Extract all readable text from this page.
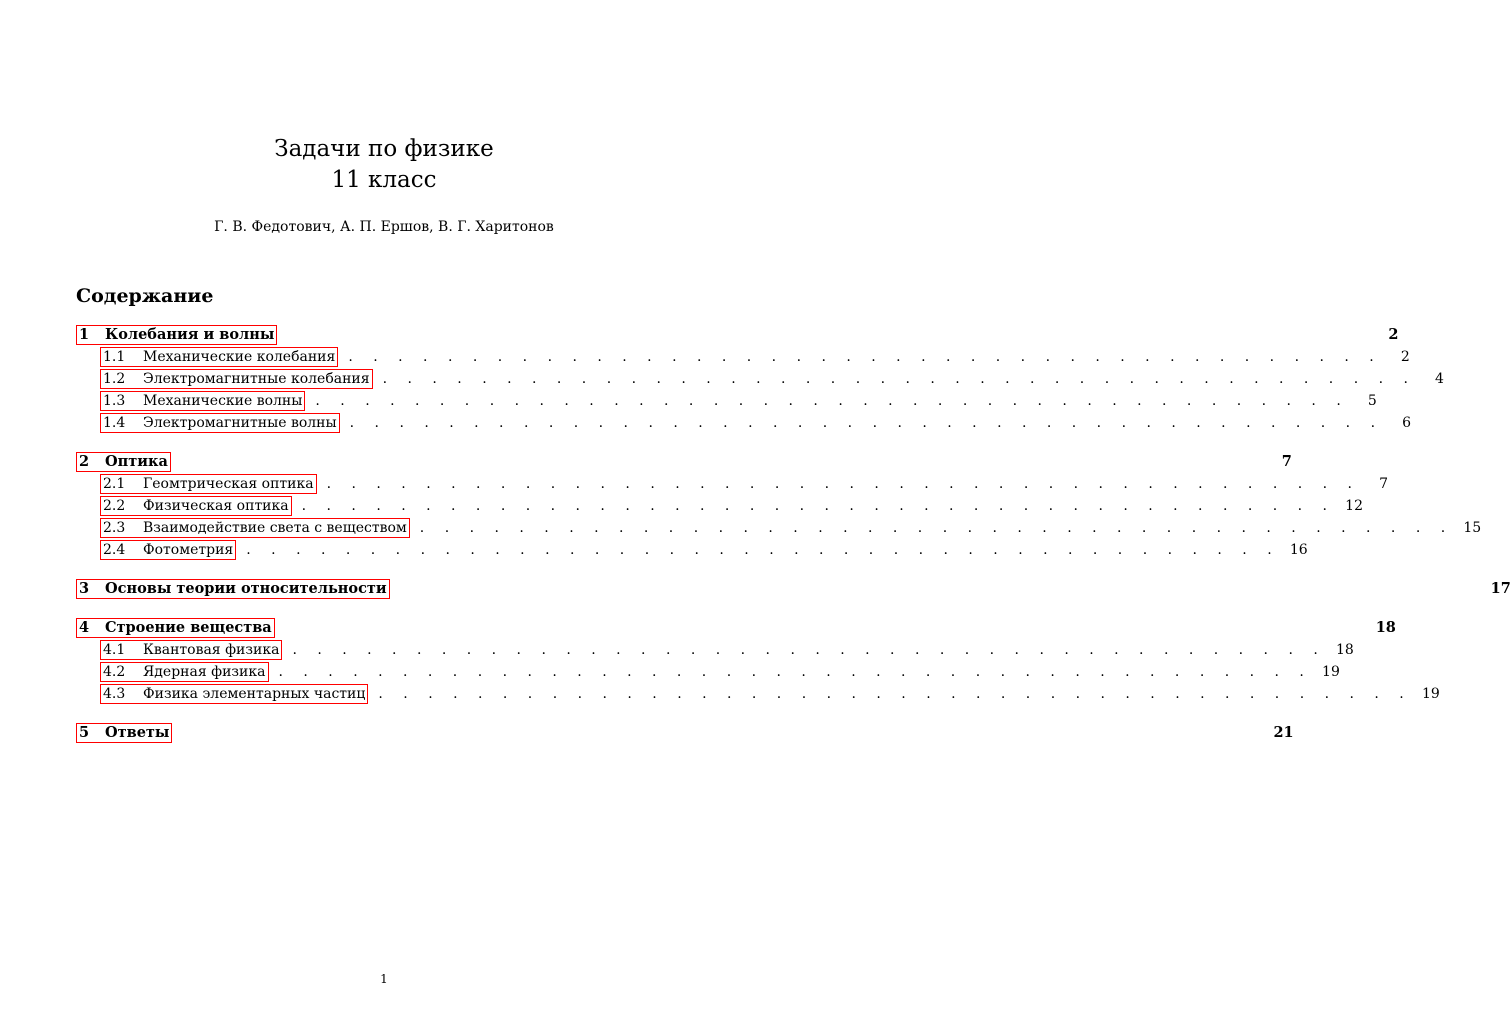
Задачи по физике
11 класс
Г. В. Федотович, А. П. Ершов, В. Г. Харитонов
Содержание
1	Колебания и волны	2
1.1	Механические колебания . . . . . . . . . . . . . . . . . . . . . . . . . . . . . . . . . . . . . . . . . .	2
1.2	Электромагнитные колебания . . . . . . . . . . . . . . . . . . . . . . . . . . . . . . . . . . . . . . . . . .	4
1.3	Механические волны . . . . . . . . . . . . . . . . . . . . . . . . . . . . . . . . . . . . . . . . . .	5
1.4	Электромагнитные волны . . . . . . . . . . . . . . . . . . . . . . . . . . . . . . . . . . . . . . . . . .	6
2	Оптика	7
2.1	Геомтрическая оптика . . . . . . . . . . . . . . . . . . . . . . . . . . . . . . . . . . . . . . . . . .	7
2.2	Физическая оптика . . . . . . . . . . . . . . . . . . . . . . . . . . . . . . . . . . . . . . . . . . 12
2.3	Взаимодействие света с веществом . . . . . . . . . . . . . . . . . . . . . . . . . . . . . . . . . . . . . . . . . . 15
2.4	Фотометрия . . . . . . . . . . . . . . . . . . . . . . . . . . . . . . . . . . . . . . . . . . 16
3	Основы теории относительности	17
4	Строение вещества	18
4.1	Квантовая физика . . . . . . . . . . . . . . . . . . . . . . . . . . . . . . . . . . . . . . . . . . 18
4.2	Ядерная физика . . . . . . . . . . . . . . . . . . . . . . . . . . . . . . . . . . . . . . . . . . 19
4.3	Физика элементарных частиц . . . . . . . . . . . . . . . . . . . . . . . . . . . . . . . . . . . . . . . . . . 19
5	Ответы	21
1
